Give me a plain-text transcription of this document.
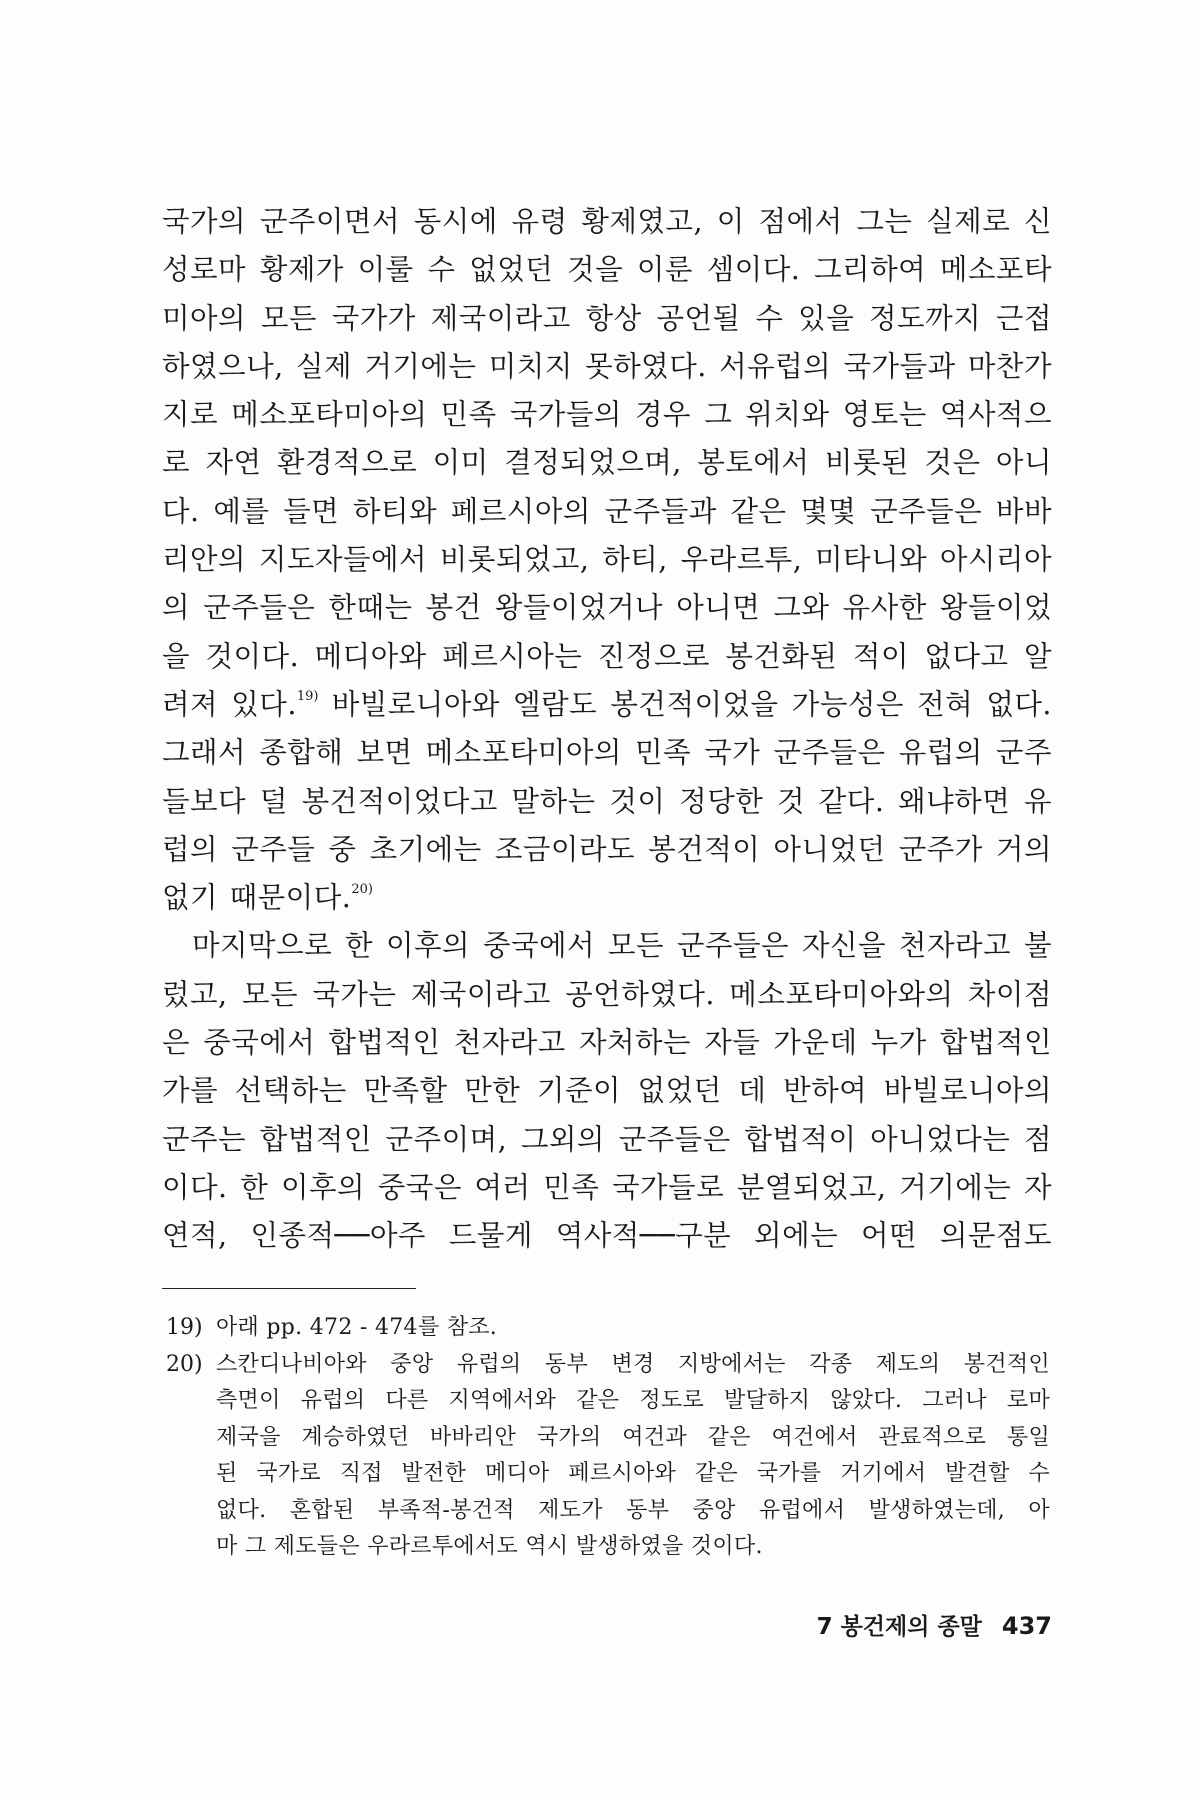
국가의 군주이면서 동시에 유령 황제였고, 이 점에서 그는 실제로 신
성로마 황제가 이룰 수 없었던 것을 이룬 셈이다. 그리하여 메소포타
미아의 모든 국가가 제국이라고 항상 공언될 수 있을 정도까지 근접
하였으나, 실제 거기에는 미치지 못하였다. 서유럽의 국가들과 마찬가
지로 메소포타미아의 민족 국가들의 경우 그 위치와 영토는 역사적으
로 자연 환경적으로 이미 결정되었으며, 봉토에서 비롯된 것은 아니
다. 예를 들면 하티와 페르시아의 군주들과 같은 몇몇 군주들은 바바
리안의 지도자들에서 비롯되었고, 하티, 우라르투, 미타니와 아시리아
의 군주들은 한때는 봉건 왕들이었거나 아니면 그와 유사한 왕들이었
을 것이다. 메디아와 페르시아는 진정으로 봉건화된 적이 없다고 알
려져 있다.$^{19)}$ 바빌로니아와 엘람도 봉건적이었을 가능성은 전혀 없다.
그래서 종합해 보면 메소포타미아의 민족 국가 군주들은 유럽의 군주
들보다 덜 봉건적이었다고 말하는 것이 정당한 것 같다. 왜냐하면 유
럽의 군주들 중 초기에는 조금이라도 봉건적이 아니었던 군주가 거의
없기 때문이다.$^{20)}$
마지막으로 한 이후의 중국에서 모든 군주들은 자신을 천자라고 불
렀고, 모든 국가는 제국이라고 공언하였다. 메소포타미아와의 차이점
은 중국에서 합법적인 천자라고 자처하는 자들 가운데 누가 합법적인
가를 선택하는 만족할 만한 기준이 없었던 데 반하여 바빌로니아의
군주는 합법적인 군주이며, 그외의 군주들은 합법적이 아니었다는 점
이다. 한 이후의 중국은 여러 민족 국가들로 분열되었고, 거기에는 자
연적, 인종적──아주 드물게 역사적──구분 외에는 어떤 의문점도
19) 아래 pp. 472 - 474를 참조.
20) 스칸디나비아와 중앙 유럽의 동부 변경 지방에서는 각종 제도의 봉건적인
측면이 유럽의 다른 지역에서와 같은 정도로 발달하지 않았다. 그러나 로마
제국을 계승하였던 바바리안 국가의 여건과 같은 여건에서 관료적으로 통일
된 국가로 직접 발전한 메디아 페르시아와 같은 국가를 거기에서 발견할 수
없다. 혼합된 부족적-봉건적 제도가 동부 중앙 유럽에서 발생하였는데, 아
마 그 제도들은 우라르투에서도 역시 발생하였을 것이다.
7 봉건제의 종말 437
